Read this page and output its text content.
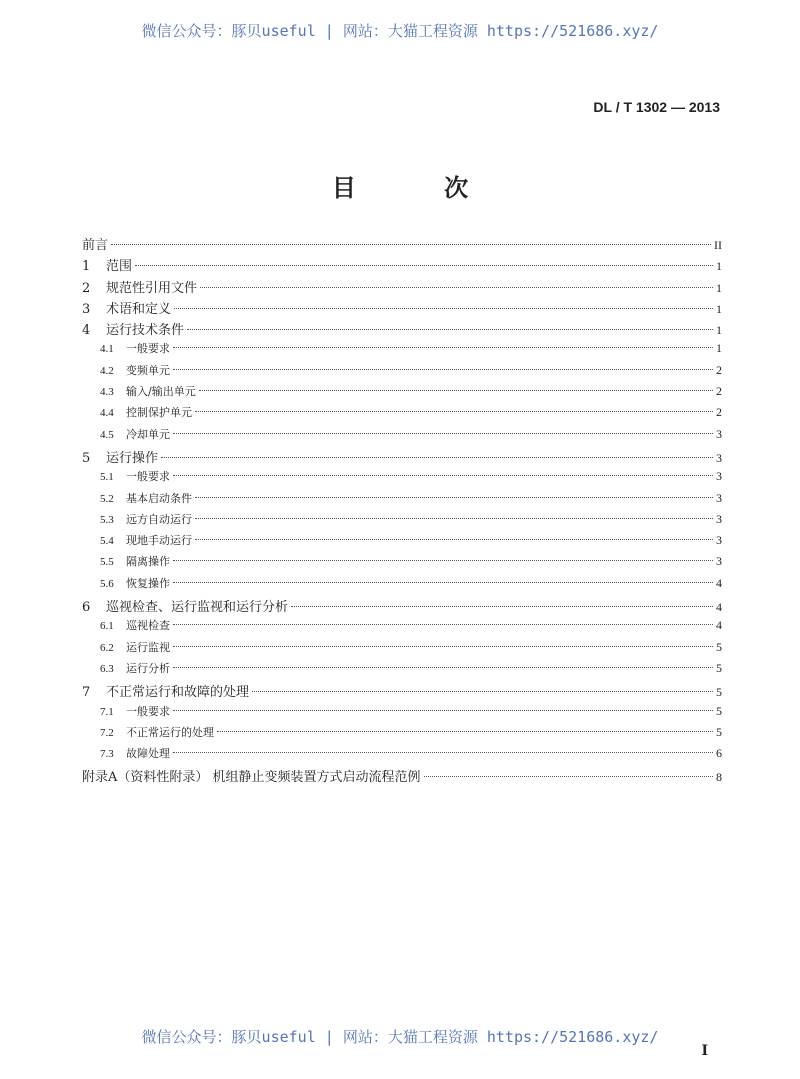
微信公众号：豚贝useful | 网站：大猫工程资源 https://521686.xyz/
DL / T 1302 — 2013
目 次
前言	II
1	范围	1
2	规范性引用文件	1
3	术语和定义	1
4	运行技术条件	1
4.1	一般要求	1
4.2	变频单元	2
4.3	输入/输出单元	2
4.4	控制保护单元	2
4.5	冷却单元	3
5	运行操作	3
5.1	一般要求	3
5.2	基本启动条件	3
5.3	远方自动运行	3
5.4	现地手动运行	3
5.5	隔离操作	3
5.6	恢复操作	4
6	巡视检查、运行监视和运行分析	4
6.1	巡视检查	4
6.2	运行监视	5
6.3	运行分析	5
7	不正常运行和故障的处理	5
7.1	一般要求	5
7.2	不正常运行的处理	5
7.3	故障处理	6
附录A（资料性附录） 机组静止变频装置方式启动流程范例	8
微信公众号：豚贝useful | 网站：大猫工程资源 https://521686.xyz/
I
